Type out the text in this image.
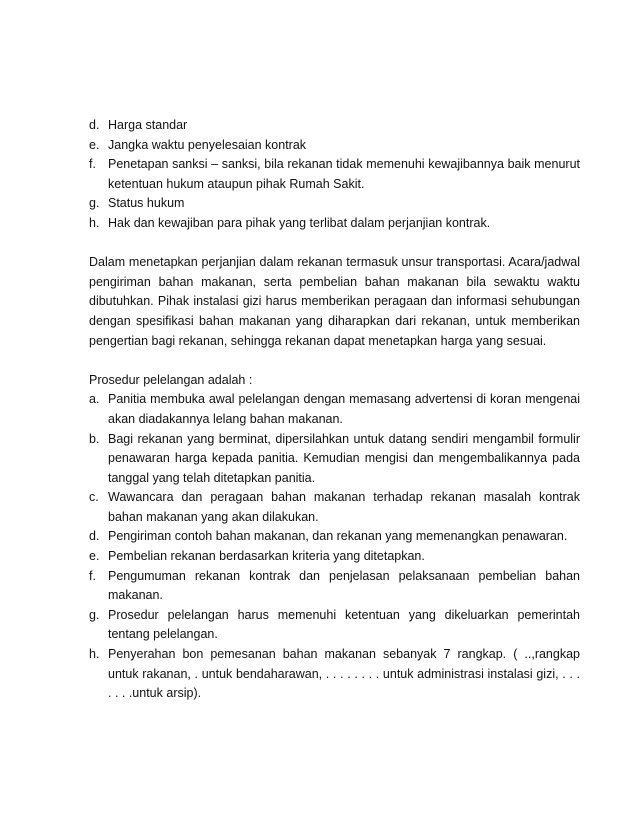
d. Harga standar
e. Jangka waktu penyelesaian kontrak
f. Penetapan sanksi – sanksi, bila rekanan tidak memenuhi kewajibannya baik menurut ketentuan hukum ataupun pihak Rumah Sakit.
g. Status hukum
h. Hak dan kewajiban para pihak yang terlibat dalam perjanjian kontrak.

Dalam menetapkan perjanjian dalam rekanan termasuk unsur transportasi. Acara/jadwal pengiriman bahan makanan, serta pembelian bahan makanan bila sewaktu waktu dibutuhkan. Pihak instalasi gizi harus memberikan peragaan dan informasi sehubungan dengan spesifikasi bahan makanan yang diharapkan dari rekanan, untuk memberikan pengertian bagi rekanan, sehingga rekanan dapat menetapkan harga yang sesuai.

Prosedur pelelangan adalah :
a. Panitia membuka awal pelelangan dengan memasang advertensi di koran mengenai akan diadakannya lelang bahan makanan.
b. Bagi rekanan yang berminat, dipersilahkan untuk datang sendiri mengambil formulir penawaran harga kepada panitia. Kemudian mengisi dan mengembalikannya pada tanggal yang telah ditetapkan panitia.
c. Wawancara dan peragaan bahan makanan terhadap rekanan masalah kontrak bahan makanan yang akan dilakukan.
d. Pengiriman contoh bahan makanan, dan rekanan yang memenangkan penawaran.
e. Pembelian rekanan berdasarkan kriteria yang ditetapkan.
f. Pengumuman rekanan kontrak dan penjelasan pelaksanaan pembelian bahan makanan.
g. Prosedur pelelangan harus memenuhi ketentuan yang dikeluarkan pemerintah tentang pelelangan.
h. Penyerahan bon pemesanan bahan makanan sebanyak 7 rangkap. ( ..,rangkap untuk rakanan, . untuk bendaharawan, . . . . . . . . untuk administrasi instalasi gizi, . . . . . . .untuk arsip).
